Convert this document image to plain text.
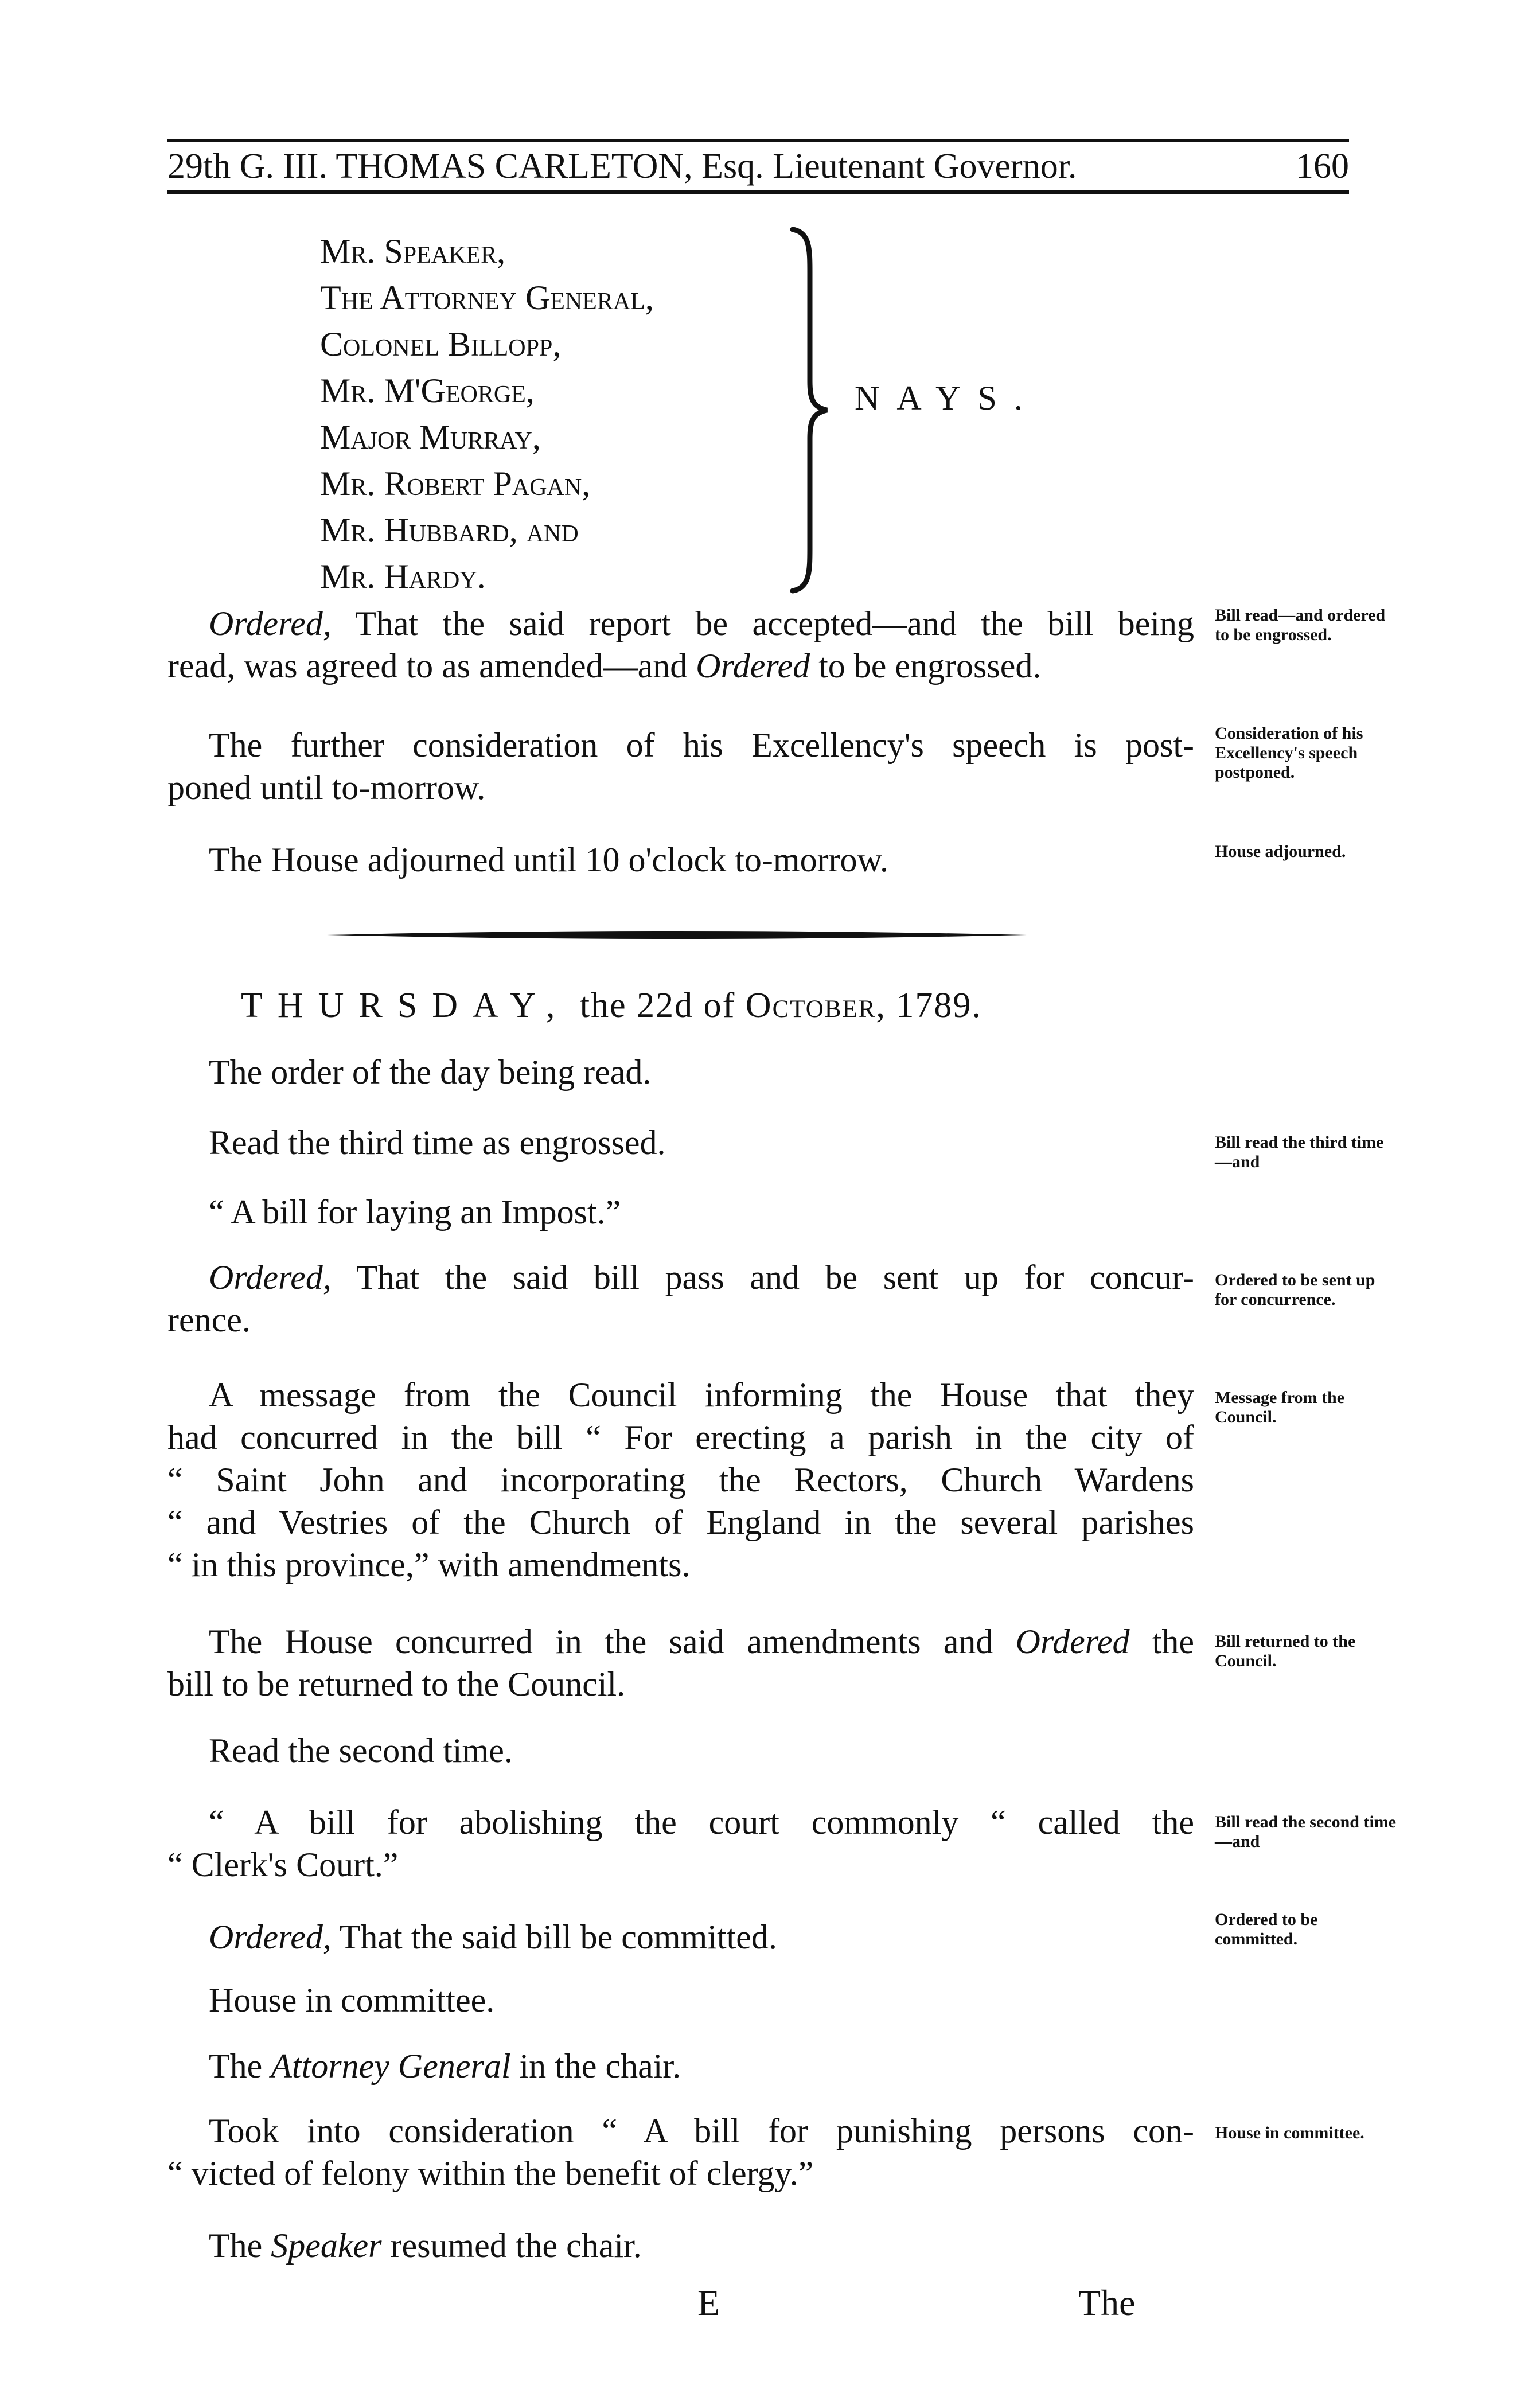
29th G. III. THOMAS CARLETON, Esq. Lieutenant Governor.	160
Mr. Speaker,
The Attorney General,
Colonel Billopp,
Mr. M'George,
Major Murray,
Mr. Robert Pagan,
Mr. Hubbard, and
Mr. Hardy.
NAYS.
Ordered, That the said report be accepted—and the bill being
read, was agreed to as amended—and Ordered to be engrossed.
Bill read—and ordered to be engrossed.
The further consideration of his Excellency's speech is post-
poned until to-morrow.
Consideration of his Excellency's speech postponed.
The House adjourned until 10 o'clock to-morrow.	House adjourned.
THURSDAY, the 22d of October, 1789.
The order of the day being read.
Read the third time as engrossed.	Bill read the third time—and
“ A bill for laying an Impost.”
Ordered, That the said bill pass and be sent up for concur-
rence.
Ordered to be sent up for concurrence.
A message from the Council informing the House that they
had concurred in the bill “ For erecting a parish in the city of
“ Saint John and incorporating the Rectors, Church Wardens
“ and Vestries of the Church of England in the several parishes
“ in this province,” with amendments.
Message from the Council.
The House concurred in the said amendments and Ordered the
bill to be returned to the Council.
Bill returned to the Council.
Read the second time.
“ A bill for abolishing the court commonly “ called the
“ Clerk's Court.”
Bill read the second time—and
Ordered, That the said bill be committed.	Ordered to be committed.
House in committee.
The Attorney General in the chair.
Took into consideration “ A bill for punishing persons con-
“ victed of felony within the benefit of clergy.”
House in committee.
The Speaker resumed the chair.
E	The
